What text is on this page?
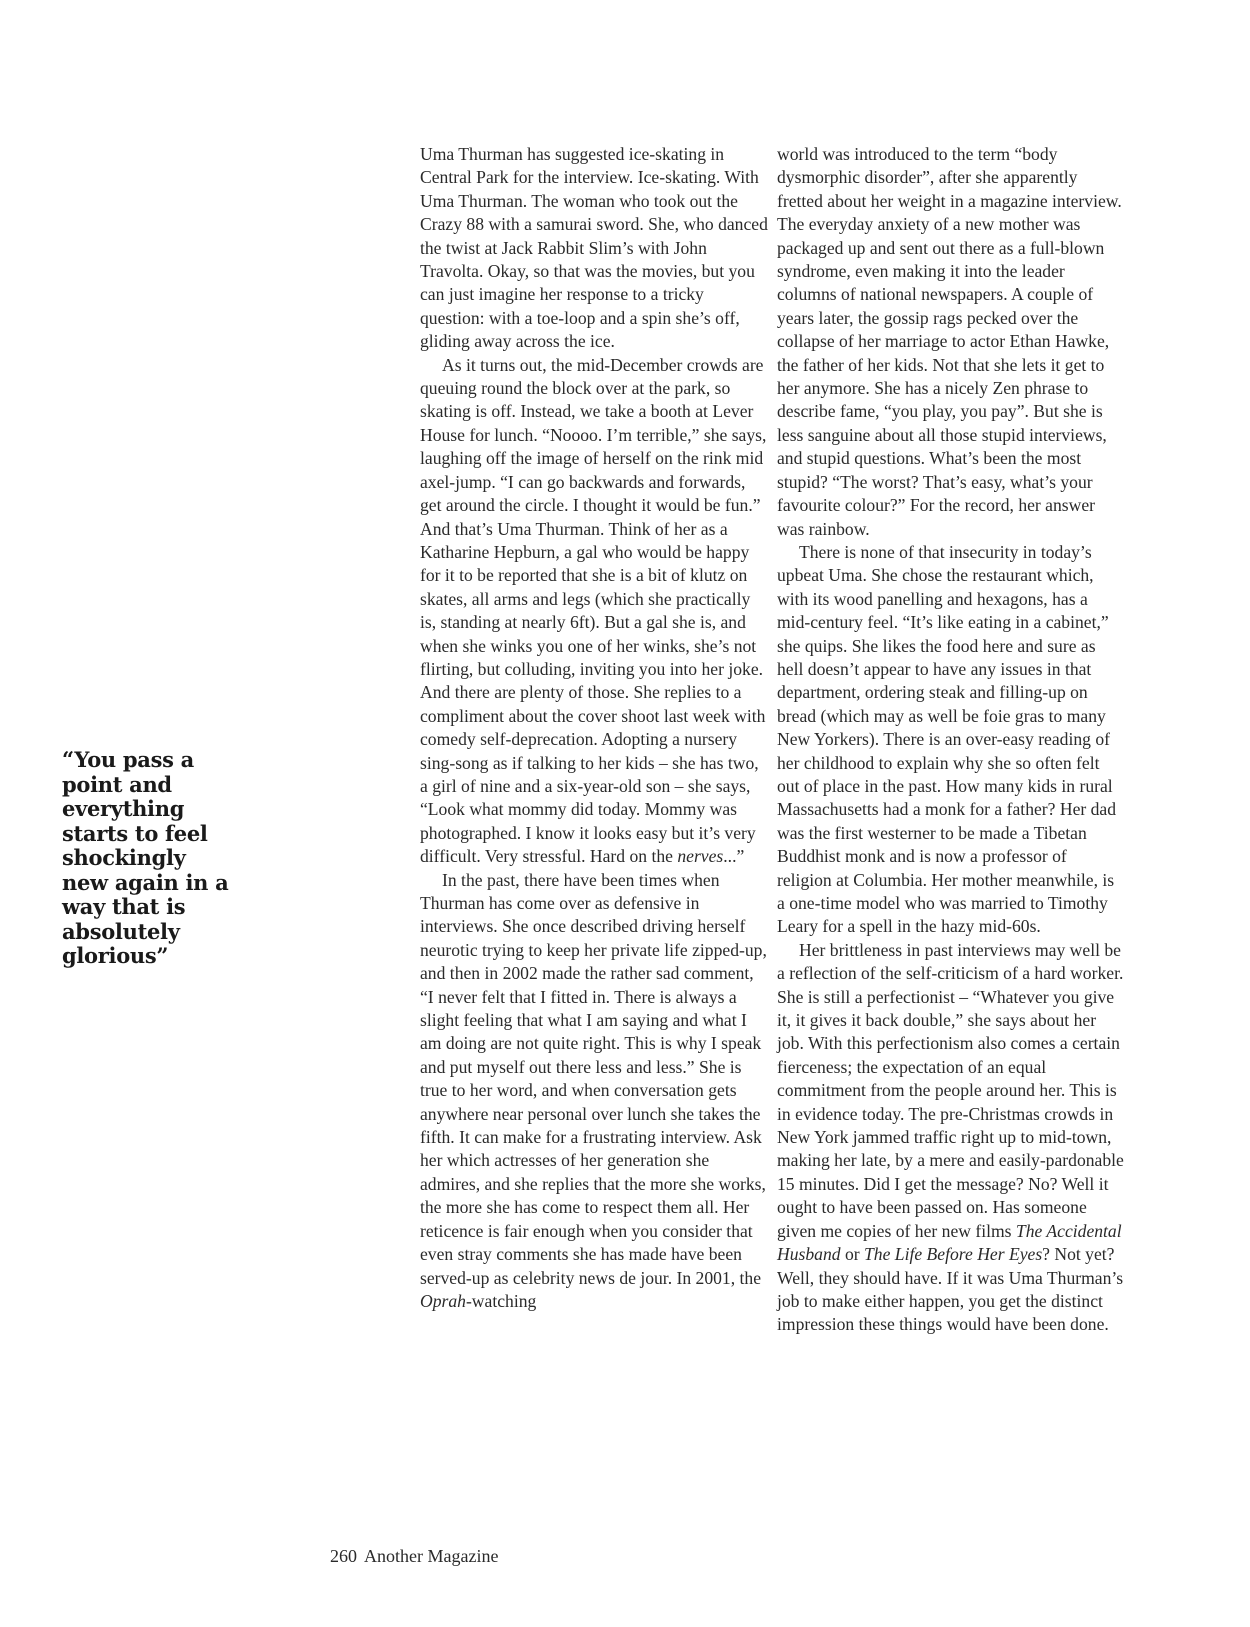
“You pass a point and everything starts to feel shockingly new again in a way that is absolutely glorious”

Uma Thurman has suggested ice-skating in Central Park for the interview. Ice-skating. With Uma Thurman. The woman who took out the Crazy 88 with a samurai sword. She, who danced the twist at Jack Rabbit Slim’s with John Travolta. Okay, so that was the movies, but you can just imagine her response to a tricky question: with a toe-loop and a spin she’s off, gliding away across the ice.

As it turns out, the mid-December crowds are queuing round the block over at the park, so skating is off. Instead, we take a booth at Lever House for lunch. “Noooo. I’m terrible,” she says, laughing off the image of herself on the rink mid axel-jump. “I can go backwards and forwards, get around the circle. I thought it would be fun.” And that’s Uma Thurman. Think of her as a Katharine Hepburn, a gal who would be happy for it to be reported that she is a bit of klutz on skates, all arms and legs (which she practically is, standing at nearly 6ft). But a gal she is, and when she winks you one of her winks, she’s not flirting, but colluding, inviting you into her joke. And there are plenty of those. She replies to a compliment about the cover shoot last week with comedy self-deprecation. Adopting a nursery sing-song as if talking to her kids – she has two, a girl of nine and a six-year-old son – she says, “Look what mommy did today. Mommy was photographed. I know it looks easy but it’s very difficult. Very stressful. Hard on the nerves...”

In the past, there have been times when Thurman has come over as defensive in interviews. She once described driving herself neurotic trying to keep her private life zipped-up, and then in 2002 made the rather sad comment, “I never felt that I fitted in. There is always a slight feeling that what I am saying and what I am doing are not quite right. This is why I speak and put myself out there less and less.” She is true to her word, and when conversation gets anywhere near personal over lunch she takes the fifth. It can make for a frustrating interview. Ask her which actresses of her generation she admires, and she replies that the more she works, the more she has come to respect them all. Her reticence is fair enough when you consider that even stray comments she has made have been served-up as celebrity news de jour. In 2001, the Oprah-watching

world was introduced to the term “body dysmorphic disorder”, after she apparently fretted about her weight in a magazine interview. The everyday anxiety of a new mother was packaged up and sent out there as a full-blown syndrome, even making it into the leader columns of national newspapers. A couple of years later, the gossip rags pecked over the collapse of her marriage to actor Ethan Hawke, the father of her kids. Not that she lets it get to her anymore. She has a nicely Zen phrase to describe fame, “you play, you pay”. But she is less sanguine about all those stupid interviews, and stupid questions. What’s been the most stupid? “The worst? That’s easy, what’s your favourite colour?” For the record, her answer was rainbow.

There is none of that insecurity in today’s upbeat Uma. She chose the restaurant which, with its wood panelling and hexagons, has a mid-century feel. “It’s like eating in a cabinet,” she quips. She likes the food here and sure as hell doesn’t appear to have any issues in that department, ordering steak and filling-up on bread (which may as well be foie gras to many New Yorkers). There is an over-easy reading of her childhood to explain why she so often felt out of place in the past. How many kids in rural Massachusetts had a monk for a father? Her dad was the first westerner to be made a Tibetan Buddhist monk and is now a professor of religion at Columbia. Her mother meanwhile, is a one-time model who was married to Timothy Leary for a spell in the hazy mid-60s.

Her brittleness in past interviews may well be a reflection of the self-criticism of a hard worker. She is still a perfectionist – “Whatever you give it, it gives it back double,” she says about her job. With this perfectionism also comes a certain fierceness; the expectation of an equal commitment from the people around her. This is in evidence today. The pre-Christmas crowds in New York jammed traffic right up to mid-town, making her late, by a mere and easily-pardonable 15 minutes. Did I get the message? No? Well it ought to have been passed on. Has someone given me copies of her new films The Accidental Husband or The Life Before Her Eyes? Not yet? Well, they should have. If it was Uma Thurman’s job to make either happen, you get the distinct impression these things would have been done.

260 Another Magazine
